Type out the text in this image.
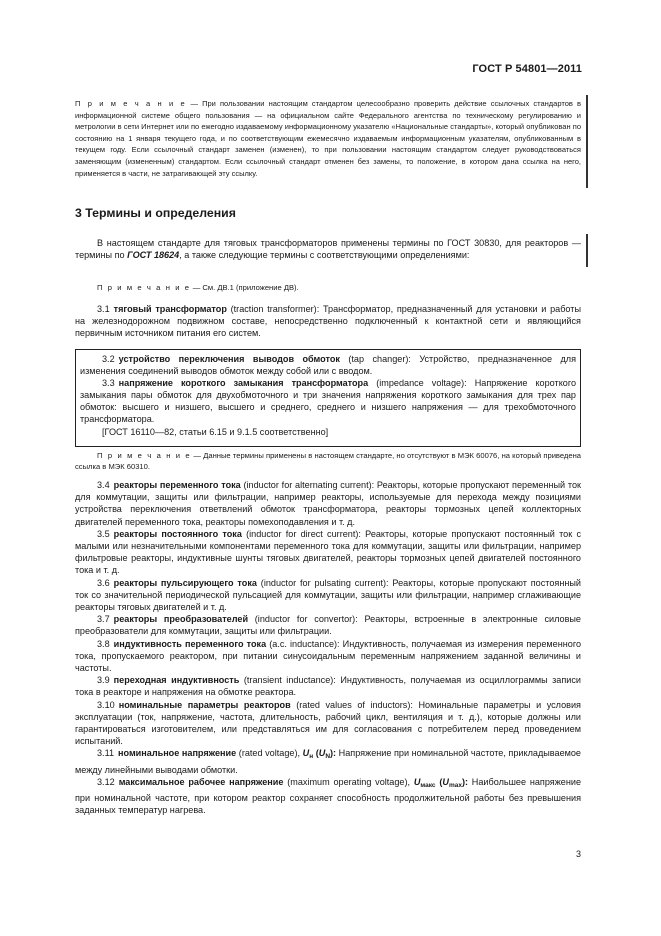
ГОСТ Р 54801—2011

П р и м е ч а н и е — При пользовании настоящим стандартом целесообразно проверить действие ссылочных стандартов в информационной системе общего пользования — на официальном сайте Федерального агентства по техническому регулированию и метрологии в сети Интернет или по ежегодно издаваемому информационному указателю «Национальные стандарты», который опубликован по состоянию на 1 января текущего года, и по соответствующим ежемесячно издаваемым информационным указателям, опубликованным в текущем году. Если ссылочный стандарт заменен (изменен), то при пользовании настоящим стандартом следует руководствоваться заменяющим (измененным) стандартом. Если ссылочный стандарт отменен без замены, то положение, в котором дана ссылка на него, применяется в части, не затрагивающей эту ссылку.

3 Термины и определения

В настоящем стандарте для тяговых трансформаторов применены термины по ГОСТ 30830, для реакторов — термины по ГОСТ 18624, а также следующие термины с соответствующими определениями:

П р и м е ч а н и е — См. ДВ.1 (приложение ДВ).

3.1 тяговый трансформатор (traction transformer): Трансформатор, предназначенный для установки и работы на железнодорожном подвижном составе, непосредственно подключенный к контактной сети и являющийся первичным источником питания его систем.

3.2 устройство переключения выводов обмоток (tap changer): Устройство, предназначенное для изменения соединений выводов обмоток между собой или с вводом.

3.3 напряжение короткого замыкания трансформатора (impedance voltage): Напряжение короткого замыкания пары обмоток для двухобмоточного и три значения напряжения короткого замыкания для трех пар обмоток: высшего и низшего, высшего и среднего, среднего и низшего напряжения — для трехобмоточного трансформатора.

[ГОСТ 16110—82, статьи 6.15 и 9.1.5 соответственно]

П р и м е ч а н и е — Данные термины применены в настоящем стандарте, но отсутствуют в МЭК 60076, на который приведена ссылка в МЭК 60310.

3.4 реакторы переменного тока (inductor for alternating current): Реакторы, которые пропускают переменный ток для коммутации, защиты или фильтрации, например реакторы, используемые для перехода между позициями устройства переключения ответвлений обмоток трансформатора, реакторы тормозных цепей коллекторных двигателей переменного тока, реакторы помехоподавления и т. д.

3.5 реакторы постоянного тока (inductor for direct current): Реакторы, которые пропускают постоянный ток с малыми или незначительными компонентами переменного тока для коммутации, защиты или фильтрации, например фильтровые реакторы, индуктивные шунты тяговых двигателей, реакторы тормозных цепей двигателей постоянного тока и т. д.

3.6 реакторы пульсирующего тока (inductor for pulsating current): Реакторы, которые пропускают постоянный ток со значительной периодической пульсацией для коммутации, защиты или фильтрации, например сглаживающие реакторы тяговых двигателей и т. д.

3.7 реакторы преобразователей (inductor for convertor): Реакторы, встроенные в электронные силовые преобразователи для коммутации, защиты или фильтрации.

3.8 индуктивность переменного тока (a.c. inductance): Индуктивность, получаемая из измерения переменного тока, пропускаемого реактором, при питании синусоидальным переменным напряжением заданной величины и частоты.

3.9 переходная индуктивность (transient inductance): Индуктивность, получаемая из осциллограммы записи тока в реакторе и напряжения на обмотке реактора.

3.10 номинальные параметры реакторов (rated values of inductors): Номинальные параметры и условия эксплуатации (ток, напряжение, частота, длительность, рабочий цикл, вентиляция и т. д.), которые должны или гарантироваться изготовителем, или представляться им для согласования с потребителем перед проведением испытаний.

3.11 номинальное напряжение (rated voltage), $U_н$ $(U_N)$: Напряжение при номинальной частоте, прикладываемое между линейными выводами обмотки.

3.12 максимальное рабочее напряжение (maximum operating voltage), $U_{макс}$ $(U_{max})$: Наибольшее напряжение при номинальной частоте, при котором реактор сохраняет способность продолжительной работы без превышения заданных температур нагрева.

3
